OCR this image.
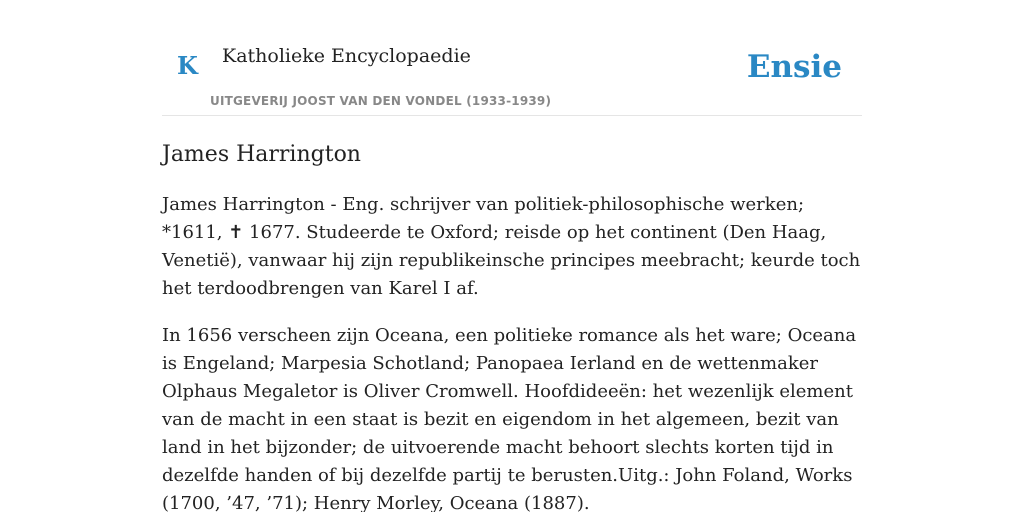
K Katholieke Encyclopaedie
UITGEVERIJ JOOST VAN DEN VONDEL (1933-1939)
Ensie
James Harrington

James Harrington - Eng. schrijver van politiek-philosophische werken; *1611, ✝ 1677. Studeerde te Oxford; reisde op het continent (Den Haag, Venetië), vanwaar hij zijn republikeinsche principes meebracht; keurde toch het terdoodbrengen van Karel I af.

In 1656 verscheen zijn Oceana, een politieke romance als het ware; Oceana is Engeland; Marpesia Schotland; Panopaea Ierland en de wettenmaker Olphaus Megaletor is Oliver Cromwell. Hoofdideeën: het wezenlijk element van de macht in een staat is bezit en eigendom in het algemeen, bezit van land in het bijzonder; de uitvoerende macht behoort slechts korten tijd in dezelfde handen of bij dezelfde partij te berusten.Uitg.: John Foland, Works (1700, ’47, ’71); Henry Morley, Oceana (1887).
